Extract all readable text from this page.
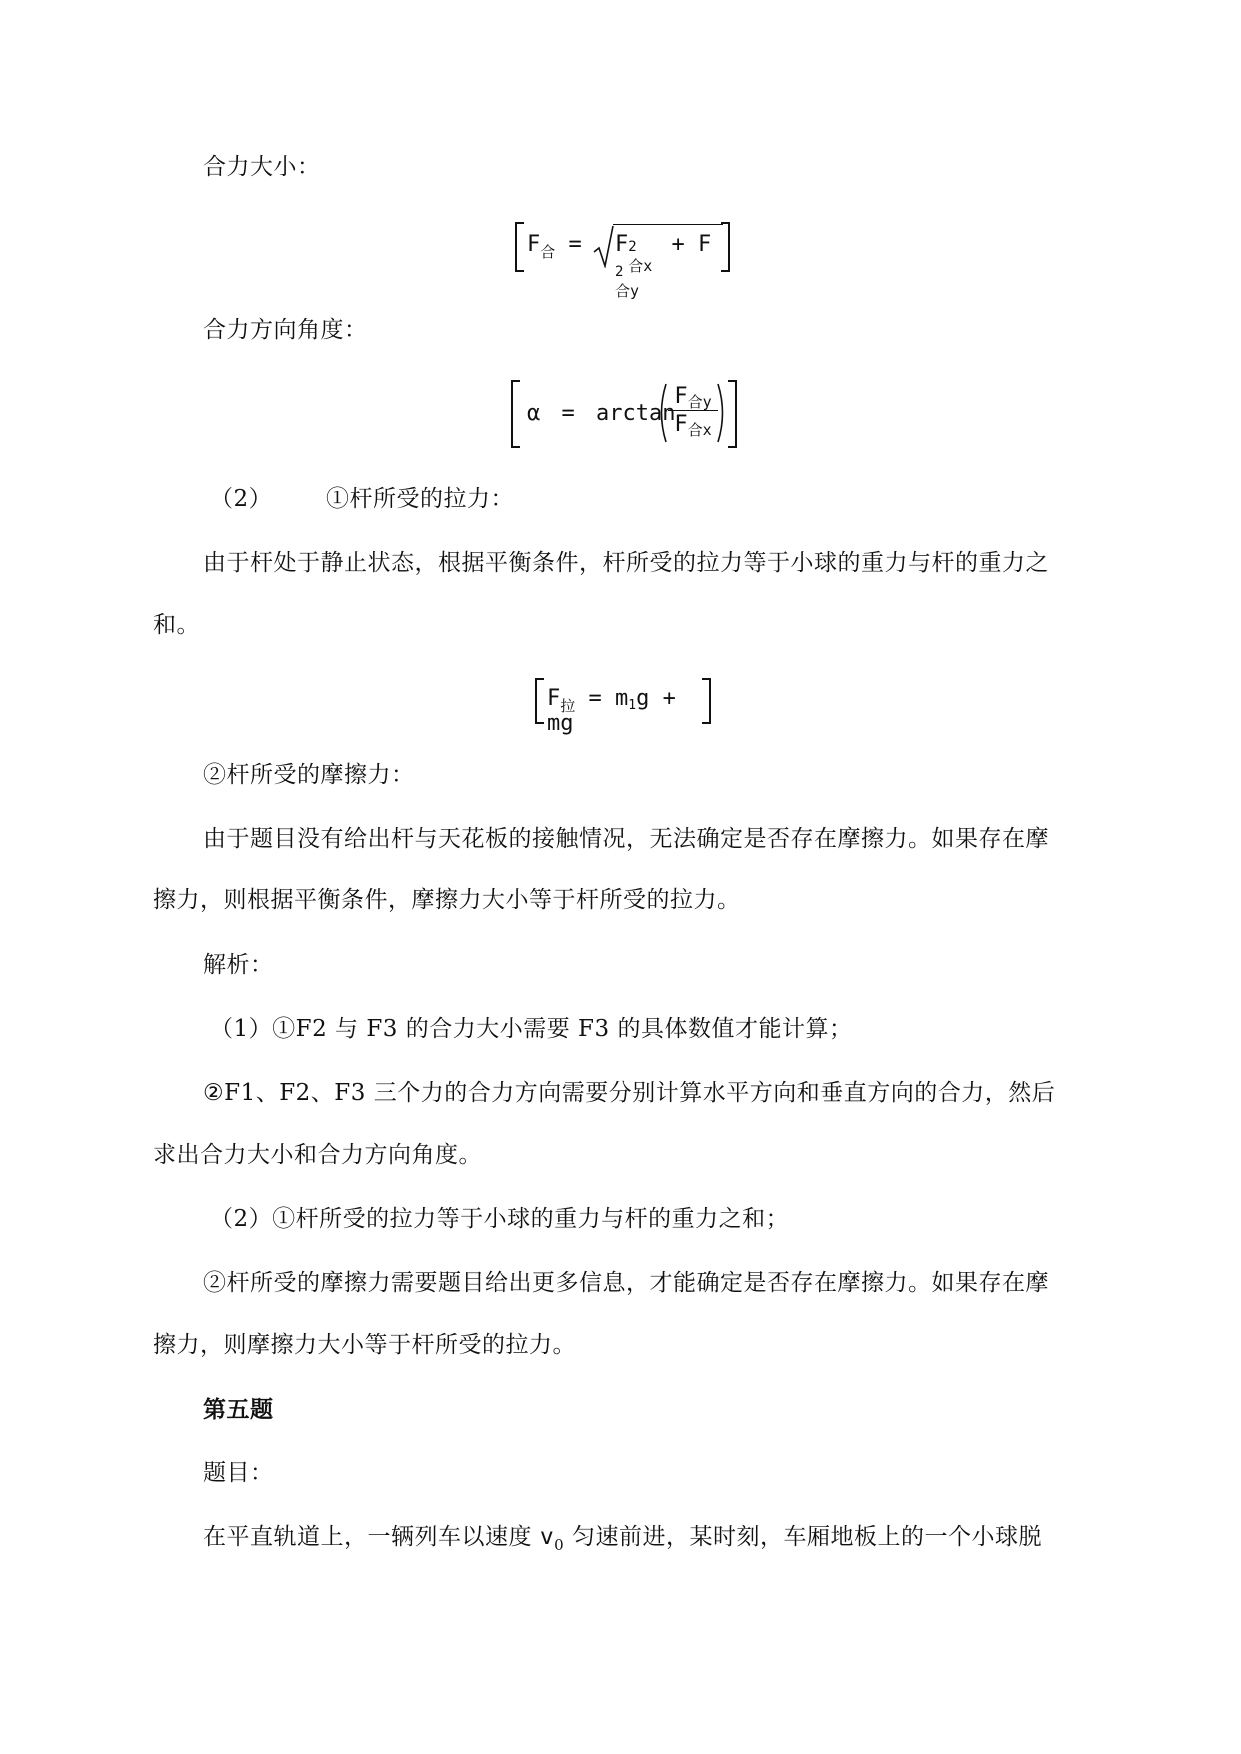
合力大小：
$F_合 = F$ 2
合x
+ F
2
合y
合力方向角度：
α = arctan
F合y
F合x
（2） ①杆所受的拉力：
由于杆处于静止状态，根据平衡条件，杆所受的拉力等于小球的重力与杆的重力之
和。
$F_拉 = m1g$ + mg
②杆所受的摩擦力：
由于题目没有给出杆与天花板的接触情况，无法确定是否存在摩擦力。如果存在摩
擦力，则根据平衡条件，摩擦力大小等于杆所受的拉力。
解析：
（1）①F2 与 F3 的合力大小需要 F3 的具体数值才能计算；
②F1、F2、F3 三个力的合力方向需要分别计算水平方向和垂直方向的合力，然后
求出合力大小和合力方向角度。
（2）①杆所受的拉力等于小球的重力与杆的重力之和；
②杆所受的摩擦力需要题目给出更多信息，才能确定是否存在摩擦力。如果存在摩
擦力，则摩擦力大小等于杆所受的拉力。
第五题
题目：
在平直轨道上，一辆列车以速度 $v_0$ 匀速前进，某时刻，车厢地板上的一个小球脱
